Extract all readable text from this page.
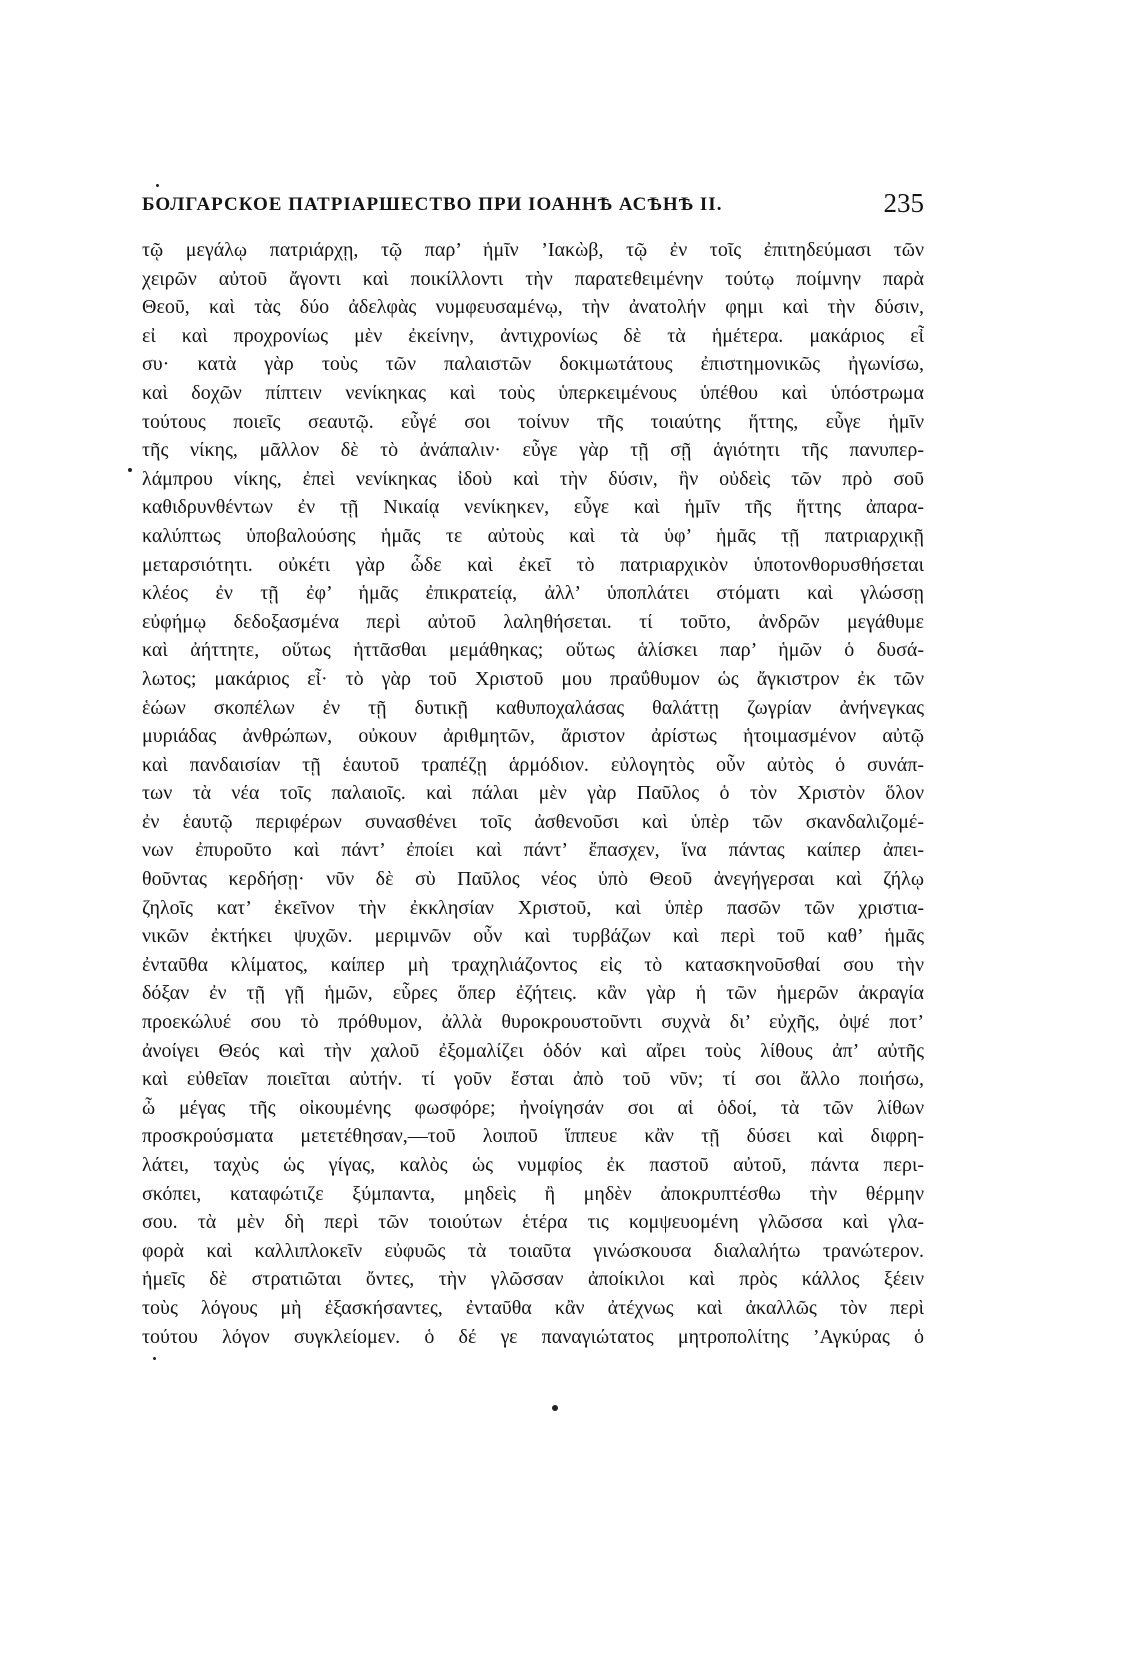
БОЛГАРСКОЕ ПАТРІАРШЕСТВО ПРИ ІОАННѢ АСѢНѢ II.	235
τῷ μεγάλῳ πατριάρχῃ, τῷ παρ’ ἡμῖν ’Ιακὼβ, τῷ ἐν τοῖς ἐπιτηδεύμασι τῶν
χειρῶν αὐτοῦ ἄγοντι καὶ ποικίλλοντι τὴν παρατεθειμένην τούτῳ ποίμνην παρὰ
Θεοῦ, καὶ τὰς δύο ἀδελφὰς νυμφευσαμένῳ, τὴν ἀνατολήν φημι καὶ τὴν δύσιν,
εἰ καὶ προχρονίως μὲν ἐκείνην, ἀντιχρονίως δὲ τὰ ἡμέτερα. μακάριος εἶ
συ· κατὰ γὰρ τοὺς τῶν παλαιστῶν δοκιμωτάτους ἐπιστημονικῶς ἠγωνίσω,
καὶ δοχῶν πίπτειν νενίκηκας καὶ τοὺς ὑπερκειμένους ὑπέθου καὶ ὑπόστρωμα
τούτους ποιεῖς σεαυτῷ. εὖγέ σοι τοίνυν τῆς τοιαύτης ἥττης, εὖγε ἡμῖν
τῆς νίκης, μᾶλλον δὲ τὸ ἀνάπαλιν· εὖγε γὰρ τῇ σῇ ἁγιότητι τῆς πανυπερ-
λάμπρου νίκης, ἐπεὶ νενίκηκας ἰδοὺ καὶ τὴν δύσιν, ἣν οὐδεὶς τῶν πρὸ σοῦ
καθιδρυνθέντων ἐν τῇ Νικαίᾳ νενίκηκεν, εὖγε καὶ ἡμῖν τῆς ἥττης ἀπαρα-
καλύπτως ὑποβαλούσης ἡμᾶς τε αὐτοὺς καὶ τὰ ὑφ’ ἡμᾶς τῇ πατριαρχικῇ
μεταρσιότητι. οὐκέτι γὰρ ὧδε καὶ ἐκεῖ τὸ πατριαρχικὸν ὑποτονθορυσθήσεται
κλέος ἐν τῇ ἐφ’ ἡμᾶς ἐπικρατείᾳ, ἀλλ’ ὑποπλάτει στόματι καὶ γλώσσῃ
εὐφήμῳ δεδοξασμένα περὶ αὐτοῦ λαληθήσεται. τί τοῦτο, ἀνδρῶν μεγάθυμε
καὶ ἀήττητε, οὕτως ἡττᾶσθαι μεμάθηκας; οὕτως ἁλίσκει παρ’ ἡμῶν ὁ δυσά-
λωτος; μακάριος εἶ· τὸ γὰρ τοῦ Χριστοῦ μου πραΰθυμον ὡς ἄγκιστρον ἐκ τῶν
ἑώων σκοπέλων ἐν τῇ δυτικῇ καθυποχαλάσας θαλάττῃ ζωγρίαν ἀνήνεγκας
μυριάδας ἀνθρώπων, οὐκουν ἀριθμητῶν, ἄριστον ἀρίστως ἡτοιμασμένον αὐτῷ
καὶ πανδαισίαν τῇ ἑαυτοῦ τραπέζῃ ἁρμόδιον. εὐλογητὸς οὖν αὐτὸς ὁ συνάπ-
των τὰ νέα τοῖς παλαιοῖς. καὶ πάλαι μὲν γὰρ Παῦλος ὁ τὸν Χριστὸν ὅλον
ἐν ἑαυτῷ περιφέρων συνασθένει τοῖς ἀσθενοῦσι καὶ ὑπὲρ τῶν σκανδαλιζομέ-
νων ἐπυροῦτο καὶ πάντ’ ἐποίει καὶ πάντ’ ἔπασχεν, ἵνα πάντας καίπερ ἀπει-
θοῦντας κερδήσῃ· νῦν δὲ σὺ Παῦλος νέος ὑπὸ Θεοῦ ἀνεγήγερσαι καὶ ζήλῳ
ζηλοῖς κατ’ ἐκεῖνον τὴν ἐκκλησίαν Χριστοῦ, καὶ ὑπὲρ πασῶν τῶν χριστια-
νικῶν ἐκτήκει ψυχῶν. μεριμνῶν οὖν καὶ τυρβάζων καὶ περὶ τοῦ καθ’ ἡμᾶς
ἐνταῦθα κλίματος, καίπερ μὴ τραχηλιάζοντος εἰς τὸ κατασκηνοῦσθαί σου τὴν
δόξαν ἐν τῇ γῇ ἡμῶν, εὗρες ὅπερ ἐζήτεις. κἂν γὰρ ἡ τῶν ἡμερῶν ἀκραγία
προεκώλυέ σου τὸ πρόθυμον, ἀλλὰ θυροκρουστοῦντι συχνὰ δι’ εὐχῆς, ὀψέ ποτ’
ἀνοίγει Θεός καὶ τὴν χαλοῦ ἐξομαλίζει ὁδόν καὶ αἴρει τοὺς λίθους ἀπ’ αὐτῆς
καὶ εὐθεῖαν ποιεῖται αὐτήν. τί γοῦν ἔσται ἀπὸ τοῦ νῦν; τί σοι ἄλλο ποιήσω,
ὦ μέγας τῆς οἰκουμένης φωσφόρε; ἠνοίγησάν σοι αἱ ὁδοί, τὰ τῶν λίθων
προσκρούσματα μετετέθησαν,—τοῦ λοιποῦ ἵππευε κἂν τῇ δύσει καὶ διφρη-
λάτει, ταχὺς ὡς γίγας, καλὸς ὡς νυμφίος ἐκ παστοῦ αὐτοῦ, πάντα περι-
σκόπει, καταφώτιζε ξύμπαντα, μηδεὶς ἢ μηδὲν ἀποκρυπτέσθω τὴν θέρμην
σου. τὰ μὲν δὴ περὶ τῶν τοιούτων ἑτέρα τις κομψευομένη γλῶσσα καὶ γλα-
φορὰ καὶ καλλιπλοκεῖν εὐφυῶς τὰ τοιαῦτα γινώσκουσα διαλαλήτω τρανώτερον.
ἡμεῖς δὲ στρατιῶται ὄντες, τὴν γλῶσσαν ἀποίκιλοι καὶ πρὸς κάλλος ξέειν
τοὺς λόγους μὴ ἐξασκήσαντες, ἐνταῦθα κἂν ἀτέχνως καὶ ἀκαλλῶς τὸν περὶ
τούτου λόγον συγκλείομεν. ὁ δέ γε παναγιώτατος μητροπολίτης ’Αγκύρας ὁ
